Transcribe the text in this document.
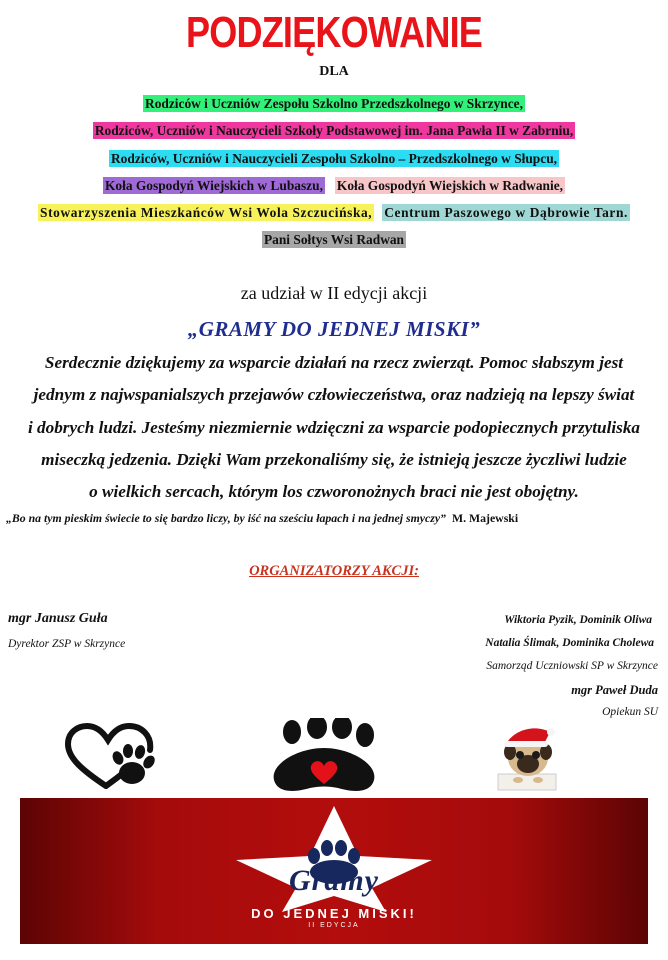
PODZIĘKOWANIE
DLA
Rodziców i Uczniów Zespołu Szkolno Przedszkolnego w Skrzynce,
Rodziców, Uczniów i Nauczycieli Szkoły Podstawowej im. Jana Pawła II w Zabrniu,
Rodziców, Uczniów i Nauczycieli Zespołu Szkolno – Przedszkolnego w Słupcu,
Koła Gospodyń Wiejskich w Lubaszu, Koła Gospodyń Wiejskich w Radwanie,
Stowarzyszenia Mieszkańców Wsi Wola Szczucińska, Centrum Paszowego w Dąbrowie Tarn.
Pani Sołtys Wsi Radwan
za udział w II edycji akcji
„GRAMY DO JEDNEJ MISKI”
Serdecznie dziękujemy za wsparcie działań na rzecz zwierząt. Pomoc słabszym jest
jednym z najwspanialszych przejawów człowieczeństwa, oraz nadzieją na lepszy świat
i dobrych ludzi. Jesteśmy niezmiernie wdzięczni za wsparcie podopiecznych przytuliska
miseczką jedzenia. Dzięki Wam przekonaliśmy się, że istnieją jeszcze życzliwi ludzie
o wielkich sercach, którym los czworonożnych braci nie jest obojętny.
„Bo na tym pieskim świecie to się bardzo liczy, by iść na sześciu łapach i na jednej smyczy” M. Majewski
ORGANIZATORZY AKCJI:
mgr Janusz Guła
Dyrektor ZSP w Skrzynce
Wiktoria Pyzik, Dominik Oliwa
Natalia Ślimak, Dominika Cholewa
Samorząd Uczniowski SP w Skrzynce
mgr Paweł Duda
Opiekun SU
Gramy
DO JEDNEJ MISKI!
II EDYCJA
